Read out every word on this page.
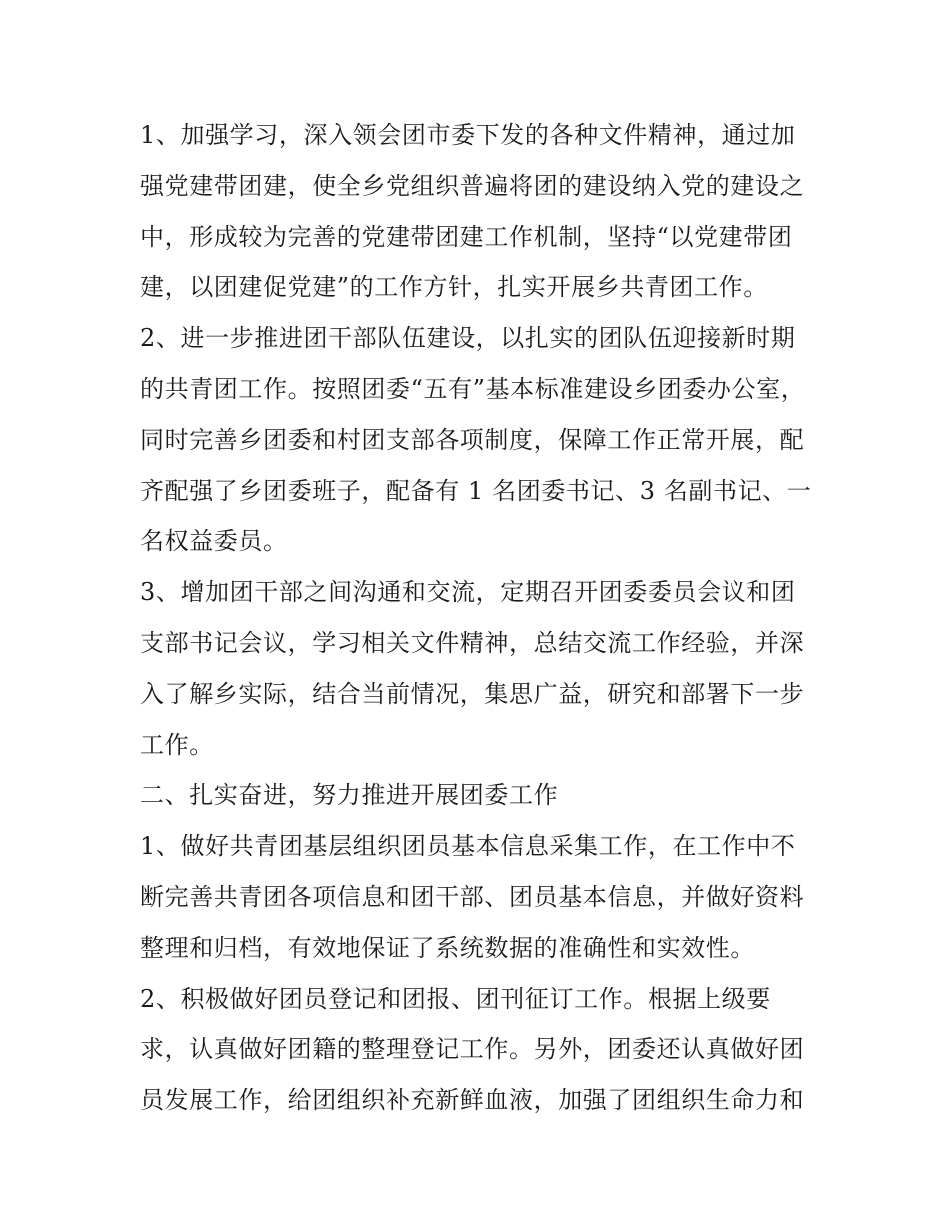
1、加强学习，深入领会团市委下发的各种文件精神，通过加
强党建带团建，使全乡党组织普遍将团的建设纳入党的建设之
中，形成较为完善的党建带团建工作机制，坚持“以党建带团
建，以团建促党建”的工作方针，扎实开展乡共青团工作。
2、进一步推进团干部队伍建设，以扎实的团队伍迎接新时期
的共青团工作。按照团委“五有”基本标准建设乡团委办公室，
同时完善乡团委和村团支部各项制度，保障工作正常开展，配
齐配强了乡团委班子，配备有 1 名团委书记、3 名副书记、一
名权益委员。
3、增加团干部之间沟通和交流，定期召开团委委员会议和团
支部书记会议，学习相关文件精神，总结交流工作经验，并深
入了解乡实际，结合当前情况，集思广益，研究和部署下一步
工作。
二、扎实奋进，努力推进开展团委工作
1、做好共青团基层组织团员基本信息采集工作，在工作中不
断完善共青团各项信息和团干部、团员基本信息，并做好资料
整理和归档，有效地保证了系统数据的准确性和实效性。
2、积极做好团员登记和团报、团刊征订工作。根据上级要
求，认真做好团籍的整理登记工作。另外，团委还认真做好团
员发展工作，给团组织补充新鲜血液，加强了团组织生命力和
